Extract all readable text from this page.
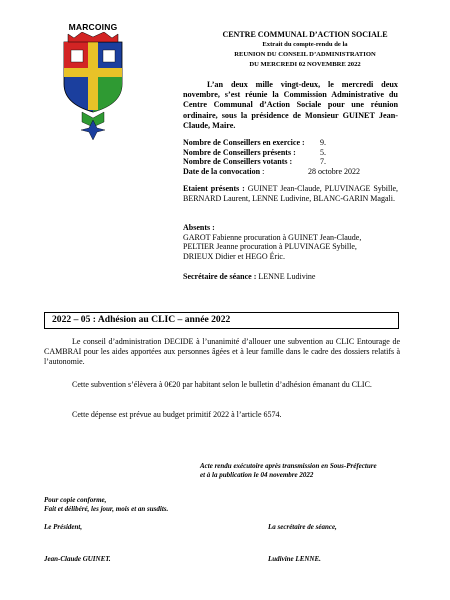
MARCOING
CENTRE COMMUNAL D’ACTION SOCIALE
Extrait du compte-rendu de la
REUNION DU CONSEIL D’ADMINISTRATION
DU MERCREDI 02 NOVEMBRE 2022
L’an deux mille vingt-deux, le mercredi deux novembre, s’est réunie la Commission Administrative du Centre Communal d’Action Sociale pour une réunion ordinaire, sous la présidence de Monsieur GUINET Jean-Claude, Maire.
Nombre de Conseillers en exercice : 9.
Nombre de Conseillers présents :	5.
Nombre de Conseillers votants :	7.
Date de la convocation :	28 octobre 2022
Etaient présents : GUINET Jean-Claude, PLUVINAGE Sybille, BERNARD Laurent, LENNE Ludivine, BLANC-GARIN Magali.
Absents :
GAROT Fabienne procuration à GUINET Jean-Claude,
PELTIER Jeanne procuration à PLUVINAGE Sybille,
DRIEUX Didier et HEGO Éric.
Secrétaire de séance : LENNE Ludivine
2022 – 05 : Adhésion au CLIC – année 2022
Le conseil d’administration DECIDE à l’unanimité d’allouer une subvention au CLIC Entourage de CAMBRAI pour les aides apportées aux personnes âgées et à leur famille dans le cadre des dossiers relatifs à l’autonomie.
Cette subvention s’élèvera à 0€20 par habitant selon le bulletin d’adhésion émanant du CLIC.
Cette dépense est prévue au budget primitif 2022 à l’article 6574.
Acte rendu exécutoire après transmission en Sous-Préfecture
et à la publication le 04 novembre 2022
Pour copie conforme,
Fait et délibéré, les jour, mois et an susdits.
Le Président,	La secrétaire de séance,
Jean-Claude GUINET.	Ludivine LENNE.
